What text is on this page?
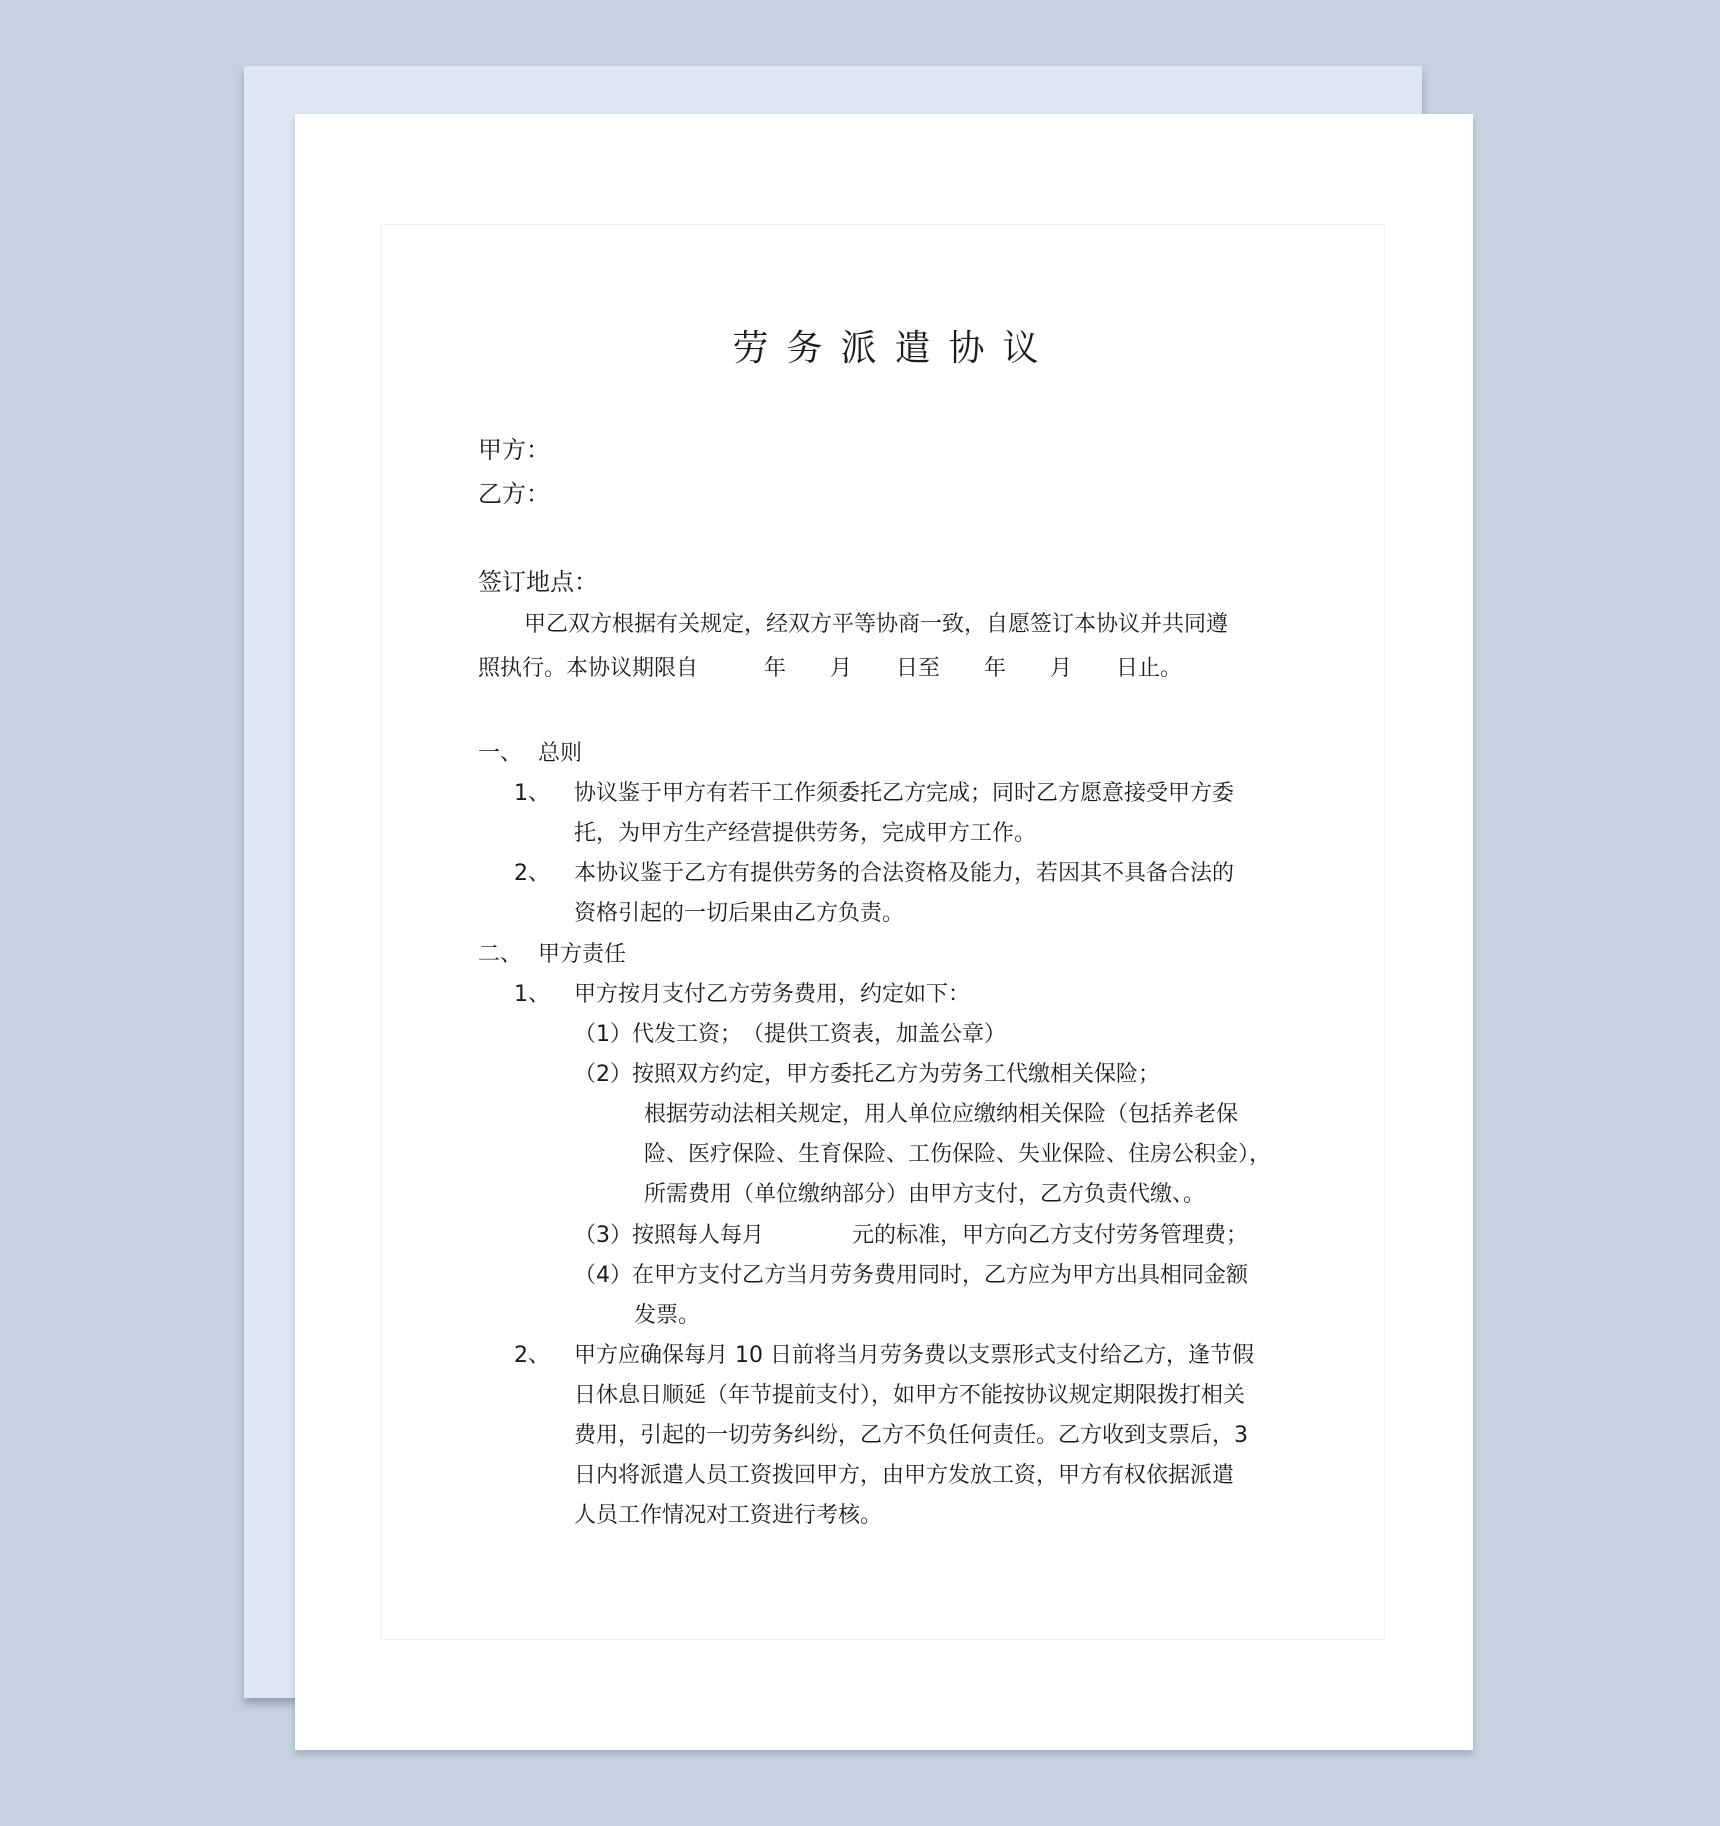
劳务派遣协议
甲方：
乙方：
签订地点：
甲乙双方根据有关规定，经双方平等协商一致，自愿签订本协议并共同遵
照执行。本协议期限自　　　年　　月　　日至　　年　　月　　日止。
一、 总则
1、 协议鉴于甲方有若干工作须委托乙方完成；同时乙方愿意接受甲方委
托，为甲方生产经营提供劳务，完成甲方工作。
2、 本协议鉴于乙方有提供劳务的合法资格及能力，若因其不具备合法的
资格引起的一切后果由乙方负责。
二、 甲方责任
1、 甲方按月支付乙方劳务费用，约定如下：
（1）代发工资；　（提供工资表，加盖公章）
（2）按照双方约定，甲方委托乙方为劳务工代缴相关保险；
根据劳动法相关规定，用人单位应缴纳相关保险（包括养老保
险、医疗保险、生育保险、工伤保险、失业保险、住房公积金），
所需费用（单位缴纳部分）由甲方支付，乙方负责代缴、。
（3）按照每人每月　　　　元的标准，甲方向乙方支付劳务管理费；
（4）在甲方支付乙方当月劳务费用同时，乙方应为甲方出具相同金额
发票。
2、 甲方应确保每月 10 日前将当月劳务费以支票形式支付给乙方，逢节假
日休息日顺延（年节提前支付），如甲方不能按协议规定期限拨打相关
费用，引起的一切劳务纠纷，乙方不负任何责任。乙方收到支票后，3
日内将派遣人员工资拨回甲方，由甲方发放工资，甲方有权依据派遣
人员工作情况对工资进行考核。
